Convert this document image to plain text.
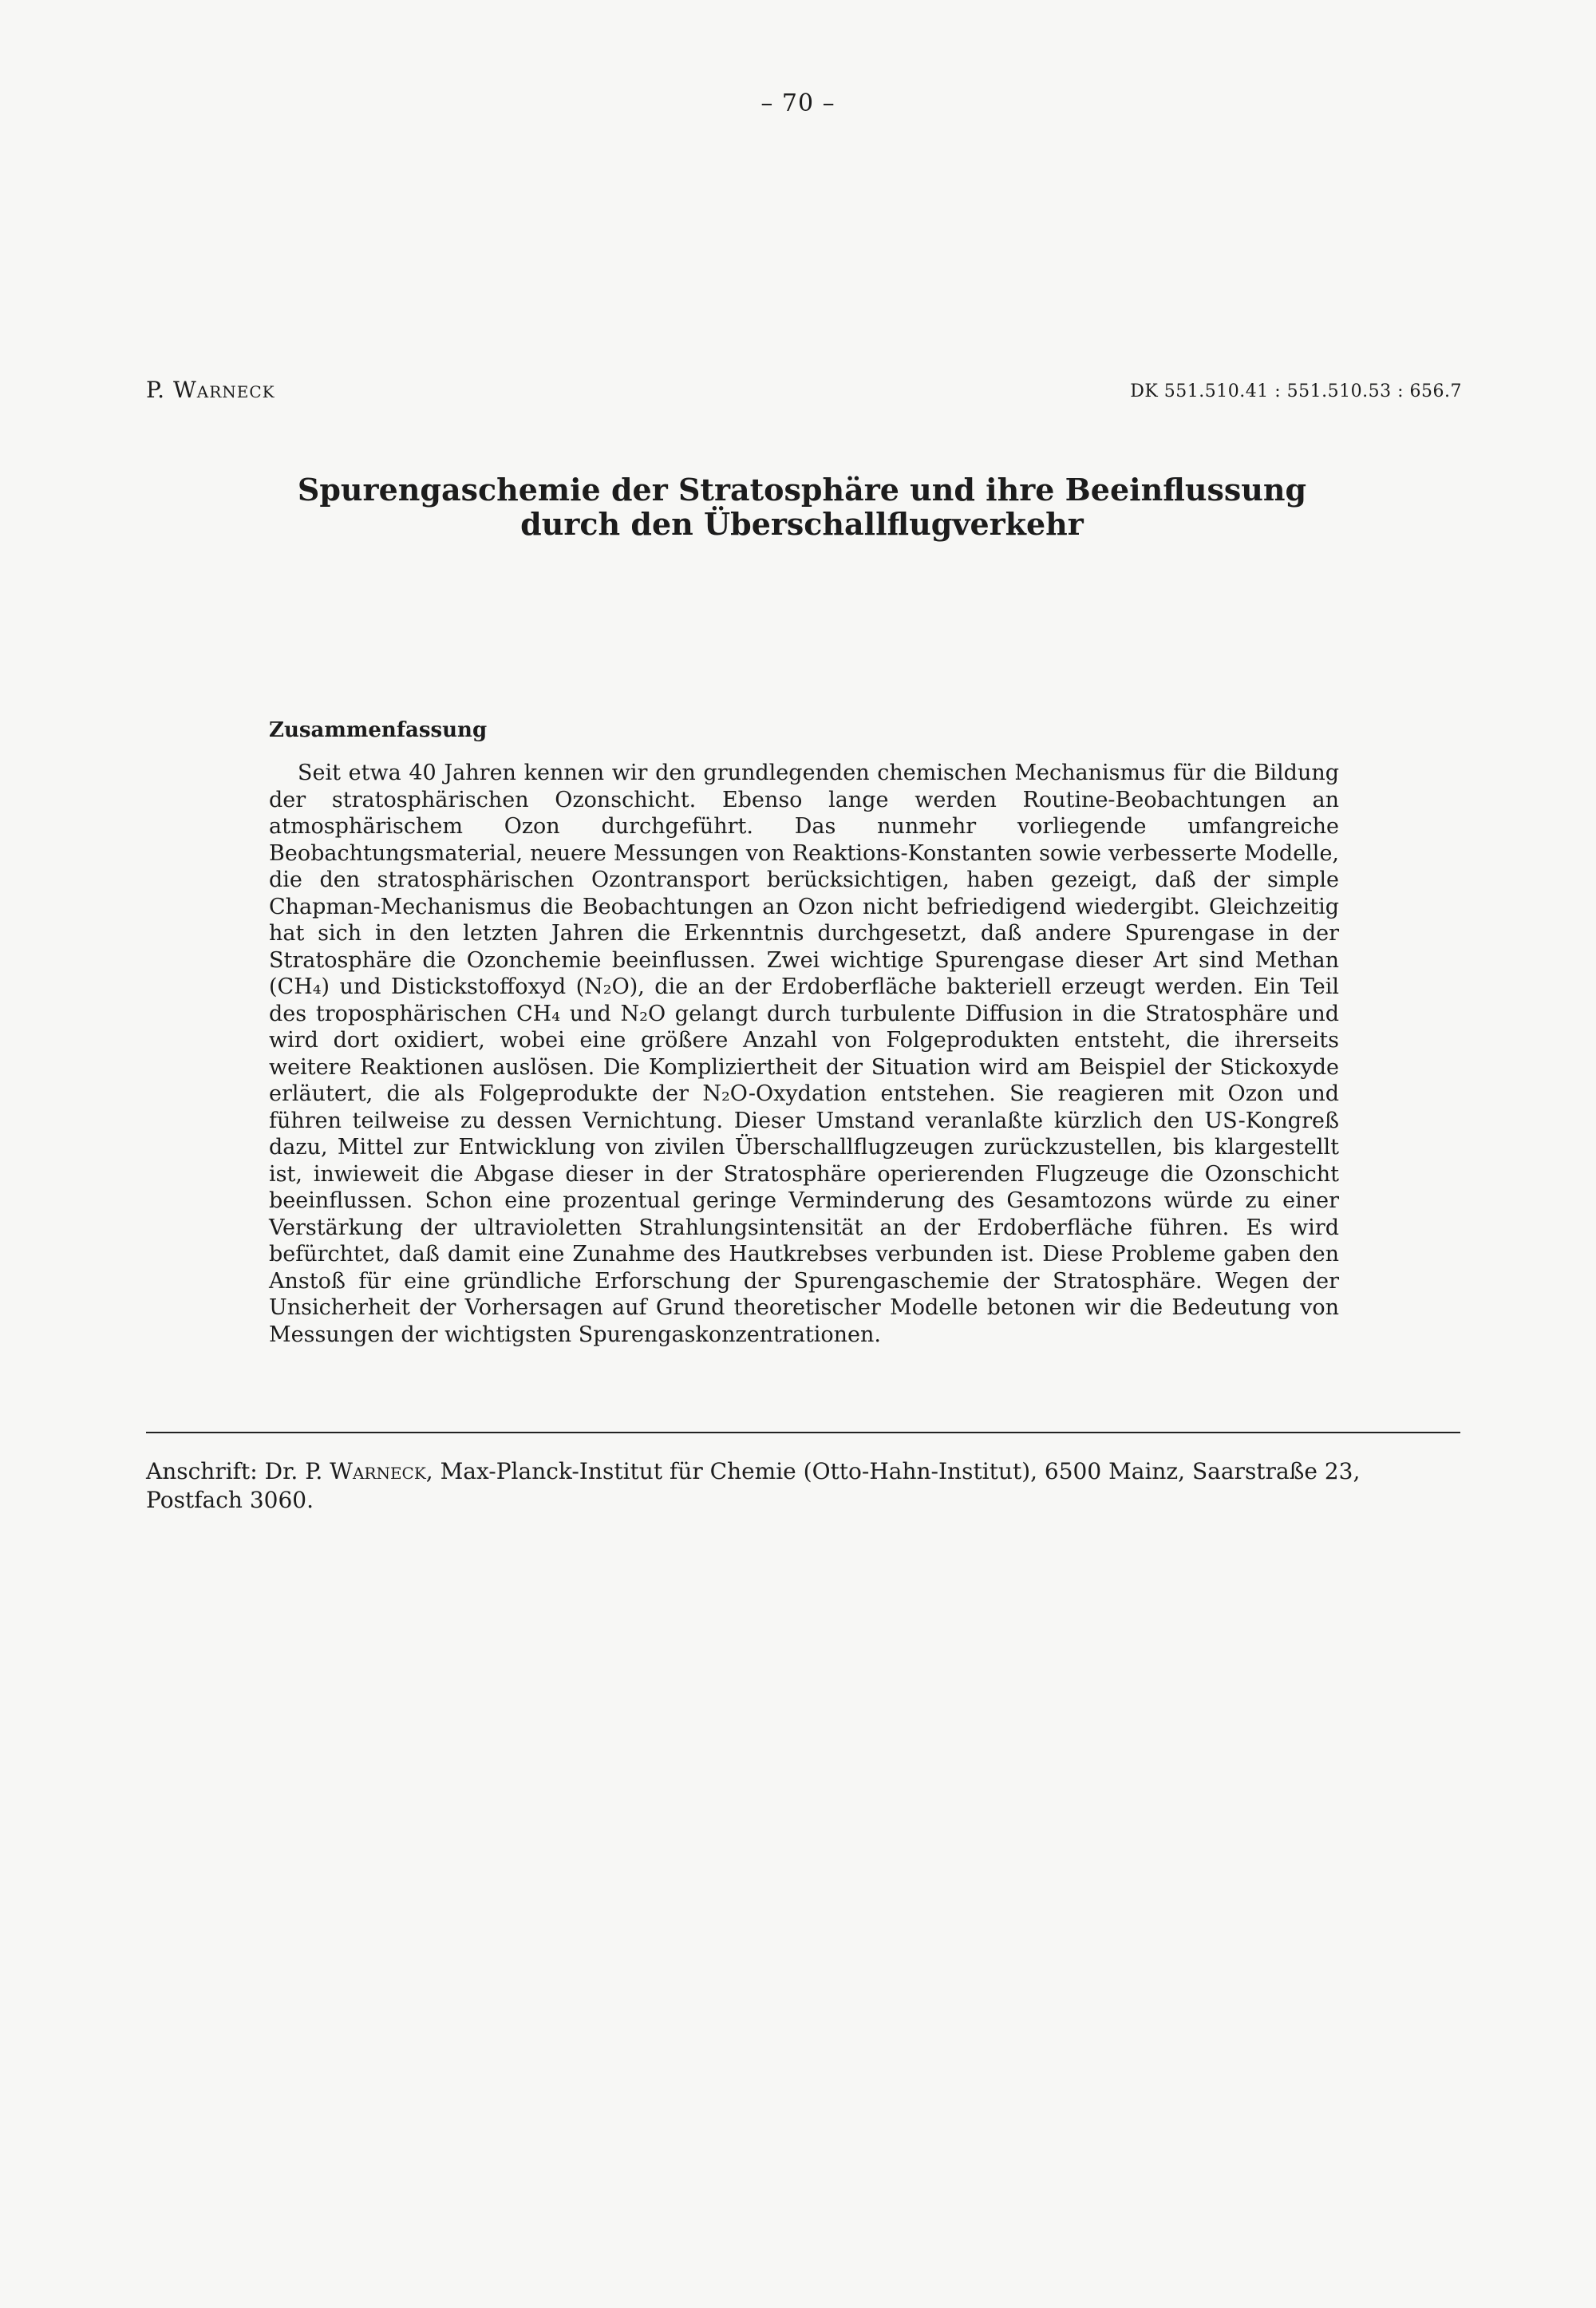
– 70 –
P. Warneck	DK 551.510.41 : 551.510.53 : 656.7
Spurengaschemie der Stratosphäre und ihre Beeinflussung durch den Überschallflugverkehr
Zusammenfassung

Seit etwa 40 Jahren kennen wir den grundlegenden chemischen Mechanismus für die Bildung der stratosphärischen Ozonschicht. Ebenso lange werden Routine-Beobachtungen an atmosphärischem Ozon durchgeführt. Das nunmehr vorliegende umfangreiche Beobachtungsmaterial, neuere Messungen von Reaktions-Konstanten sowie verbesserte Modelle, die den stratosphärischen Ozontransport berücksichtigen, haben gezeigt, daß der simple Chapman-Mechanismus die Beobachtungen an Ozon nicht befriedigend wiedergibt. Gleichzeitig hat sich in den letzten Jahren die Erkenntnis durchgesetzt, daß andere Spurengase in der Stratosphäre die Ozonchemie beeinflussen. Zwei wichtige Spurengase dieser Art sind Methan (CH₄) und Distickstoffoxyd (N₂O), die an der Erdoberfläche bakteriell erzeugt werden. Ein Teil des troposphärischen CH₄ und N₂O gelangt durch turbulente Diffusion in die Stratosphäre und wird dort oxidiert, wobei eine größere Anzahl von Folgeprodukten entsteht, die ihrerseits weitere Reaktionen auslösen. Die Kompliziertheit der Situation wird am Beispiel der Stickoxyde erläutert, die als Folgeprodukte der N₂O-Oxydation entstehen. Sie reagieren mit Ozon und führen teilweise zu dessen Vernichtung. Dieser Umstand veranlaßte kürzlich den US-Kongreß dazu, Mittel zur Entwicklung von zivilen Überschallflugzeugen zurückzustellen, bis klargestellt ist, inwieweit die Abgase dieser in der Stratosphäre operierenden Flugzeuge die Ozonschicht beeinflussen. Schon eine prozentual geringe Verminderung des Gesamtozons würde zu einer Verstärkung der ultravioletten Strahlungsintensität an der Erdoberfläche führen. Es wird befürchtet, daß damit eine Zunahme des Hautkrebses verbunden ist. Diese Probleme gaben den Anstoß für eine gründliche Erforschung der Spurengaschemie der Stratosphäre. Wegen der Unsicherheit der Vorhersagen auf Grund theoretischer Modelle betonen wir die Bedeutung von Messungen der wichtigsten Spurengaskonzentrationen.

Anschrift: Dr. P. Warneck, Max-Planck-Institut für Chemie (Otto-Hahn-Institut), 6500 Mainz, Saarstraße 23, Postfach 3060.
